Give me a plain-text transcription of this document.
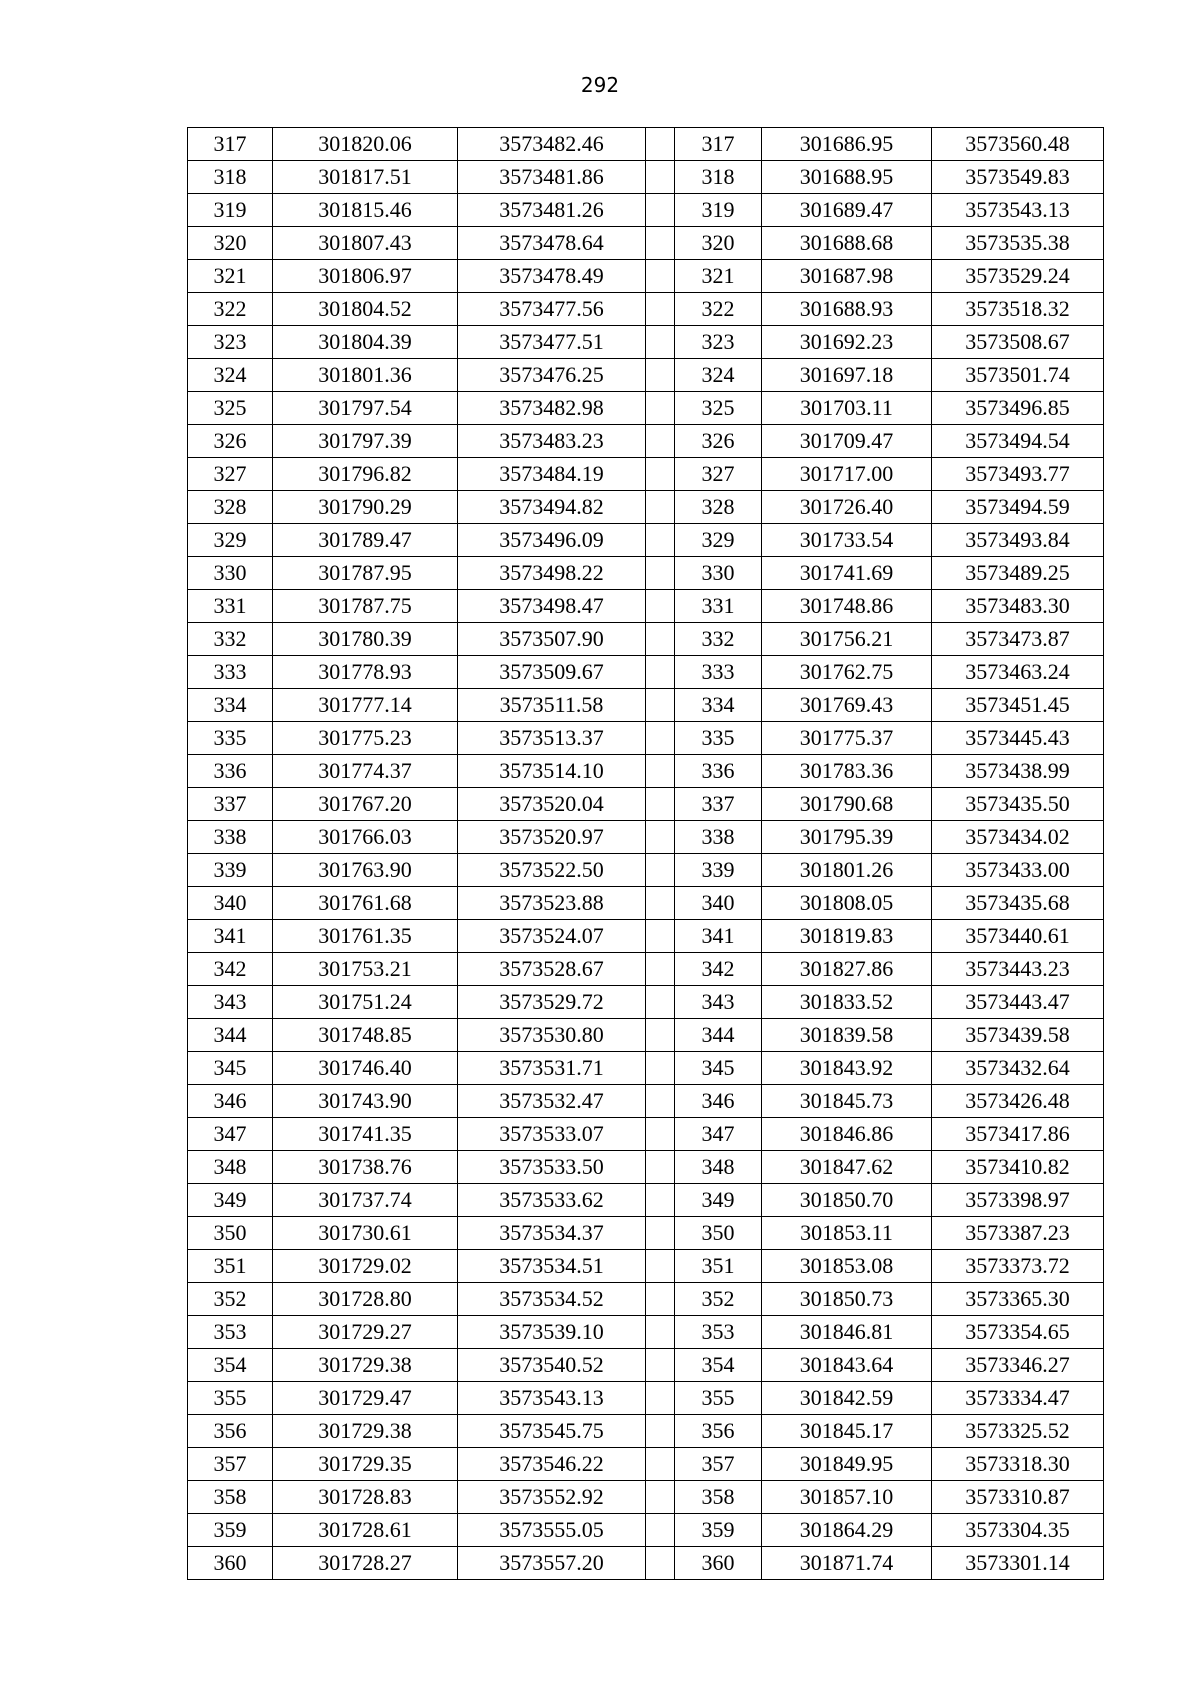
292
317	301820.06	3573482.46		317	301686.95	3573560.48
318	301817.51	3573481.86		318	301688.95	3573549.83
319	301815.46	3573481.26		319	301689.47	3573543.13
320	301807.43	3573478.64		320	301688.68	3573535.38
321	301806.97	3573478.49		321	301687.98	3573529.24
322	301804.52	3573477.56		322	301688.93	3573518.32
323	301804.39	3573477.51		323	301692.23	3573508.67
324	301801.36	3573476.25		324	301697.18	3573501.74
325	301797.54	3573482.98		325	301703.11	3573496.85
326	301797.39	3573483.23		326	301709.47	3573494.54
327	301796.82	3573484.19		327	301717.00	3573493.77
328	301790.29	3573494.82		328	301726.40	3573494.59
329	301789.47	3573496.09		329	301733.54	3573493.84
330	301787.95	3573498.22		330	301741.69	3573489.25
331	301787.75	3573498.47		331	301748.86	3573483.30
332	301780.39	3573507.90		332	301756.21	3573473.87
333	301778.93	3573509.67		333	301762.75	3573463.24
334	301777.14	3573511.58		334	301769.43	3573451.45
335	301775.23	3573513.37		335	301775.37	3573445.43
336	301774.37	3573514.10		336	301783.36	3573438.99
337	301767.20	3573520.04		337	301790.68	3573435.50
338	301766.03	3573520.97		338	301795.39	3573434.02
339	301763.90	3573522.50		339	301801.26	3573433.00
340	301761.68	3573523.88		340	301808.05	3573435.68
341	301761.35	3573524.07		341	301819.83	3573440.61
342	301753.21	3573528.67		342	301827.86	3573443.23
343	301751.24	3573529.72		343	301833.52	3573443.47
344	301748.85	3573530.80		344	301839.58	3573439.58
345	301746.40	3573531.71		345	301843.92	3573432.64
346	301743.90	3573532.47		346	301845.73	3573426.48
347	301741.35	3573533.07		347	301846.86	3573417.86
348	301738.76	3573533.50		348	301847.62	3573410.82
349	301737.74	3573533.62		349	301850.70	3573398.97
350	301730.61	3573534.37		350	301853.11	3573387.23
351	301729.02	3573534.51		351	301853.08	3573373.72
352	301728.80	3573534.52		352	301850.73	3573365.30
353	301729.27	3573539.10		353	301846.81	3573354.65
354	301729.38	3573540.52		354	301843.64	3573346.27
355	301729.47	3573543.13		355	301842.59	3573334.47
356	301729.38	3573545.75		356	301845.17	3573325.52
357	301729.35	3573546.22		357	301849.95	3573318.30
358	301728.83	3573552.92		358	301857.10	3573310.87
359	301728.61	3573555.05		359	301864.29	3573304.35
360	301728.27	3573557.20		360	301871.74	3573301.14
